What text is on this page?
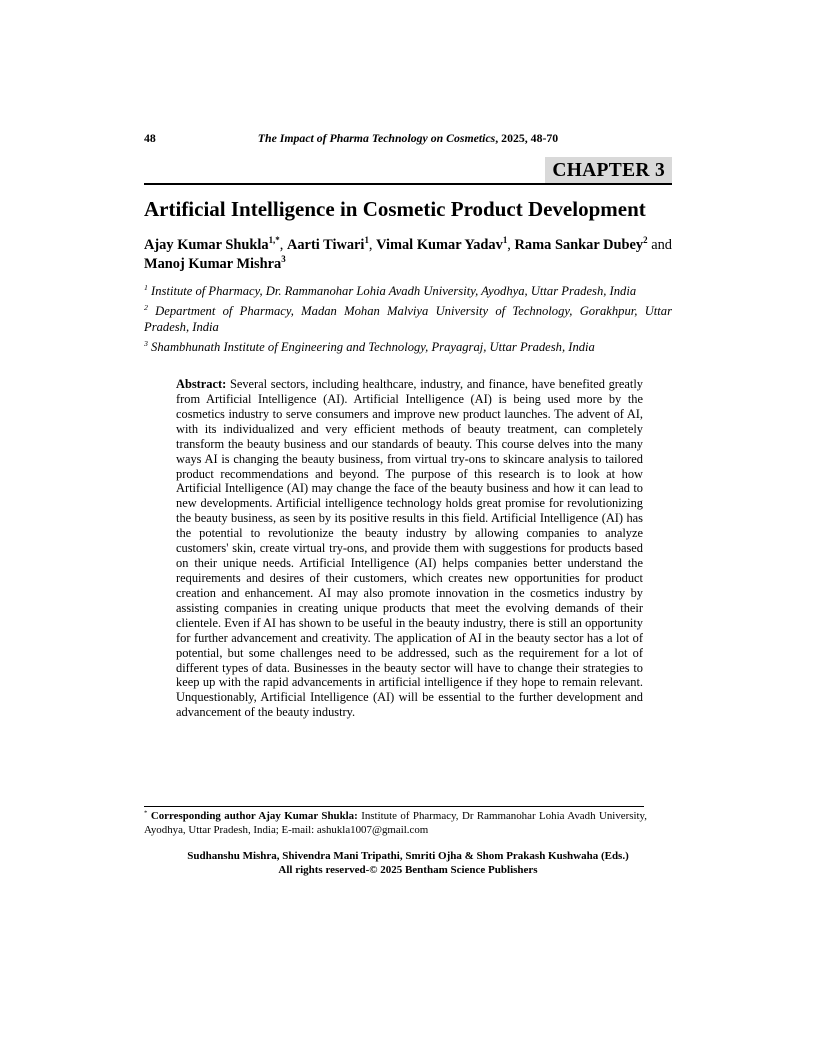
48	The Impact of Pharma Technology on Cosmetics, 2025, 48-70
CHAPTER 3
Artificial Intelligence in Cosmetic Product Development
Ajay Kumar Shukla$^{1,*}$, Aarti Tiwari$^1$, Vimal Kumar Yadav$^1$, Rama Sankar Dubey$^2$ and Manoj Kumar Mishra$^3$
$^1$ Institute of Pharmacy, Dr. Rammanohar Lohia Avadh University, Ayodhya, Uttar Pradesh, India
$^2$ Department of Pharmacy, Madan Mohan Malviya University of Technology, Gorakhpur, Uttar Pradesh, India
$^3$ Shambhunath Institute of Engineering and Technology, Prayagraj, Uttar Pradesh, India
Abstract: Several sectors, including healthcare, industry, and finance, have benefited greatly from Artificial Intelligence (AI). Artificial Intelligence (AI) is being used more by the cosmetics industry to serve consumers and improve new product launches. The advent of AI, with its individualized and very efficient methods of beauty treatment, can completely transform the beauty business and our standards of beauty. This course delves into the many ways AI is changing the beauty business, from virtual try-ons to skincare analysis to tailored product recommendations and beyond. The purpose of this research is to look at how Artificial Intelligence (AI) may change the face of the beauty business and how it can lead to new developments. Artificial intelligence technology holds great promise for revolutionizing the beauty business, as seen by its positive results in this field. Artificial Intelligence (AI) has the potential to revolutionize the beauty industry by allowing companies to analyze customers' skin, create virtual try-ons, and provide them with suggestions for products based on their unique needs. Artificial Intelligence (AI) helps companies better understand the requirements and desires of their customers, which creates new opportunities for product creation and enhancement. AI may also promote innovation in the cosmetics industry by assisting companies in creating unique products that meet the evolving demands of their clientele. Even if AI has shown to be useful in the beauty industry, there is still an opportunity for further advancement and creativity. The application of AI in the beauty sector has a lot of potential, but some challenges need to be addressed, such as the requirement for a lot of different types of data. Businesses in the beauty sector will have to change their strategies to keep up with the rapid advancements in artificial intelligence if they hope to remain relevant. Unquestionably, Artificial Intelligence (AI) will be essential to the further development and advancement of the beauty industry.

* Corresponding author Ajay Kumar Shukla: Institute of Pharmacy, Dr Rammanohar Lohia Avadh University, Ayodhya, Uttar Pradesh, India; E-mail: ashukla1007@gmail.com

Sudhanshu Mishra, Shivendra Mani Tripathi, Smriti Ojha & Shom Prakash Kushwaha (Eds.)
All rights reserved-© 2025 Bentham Science Publishers
